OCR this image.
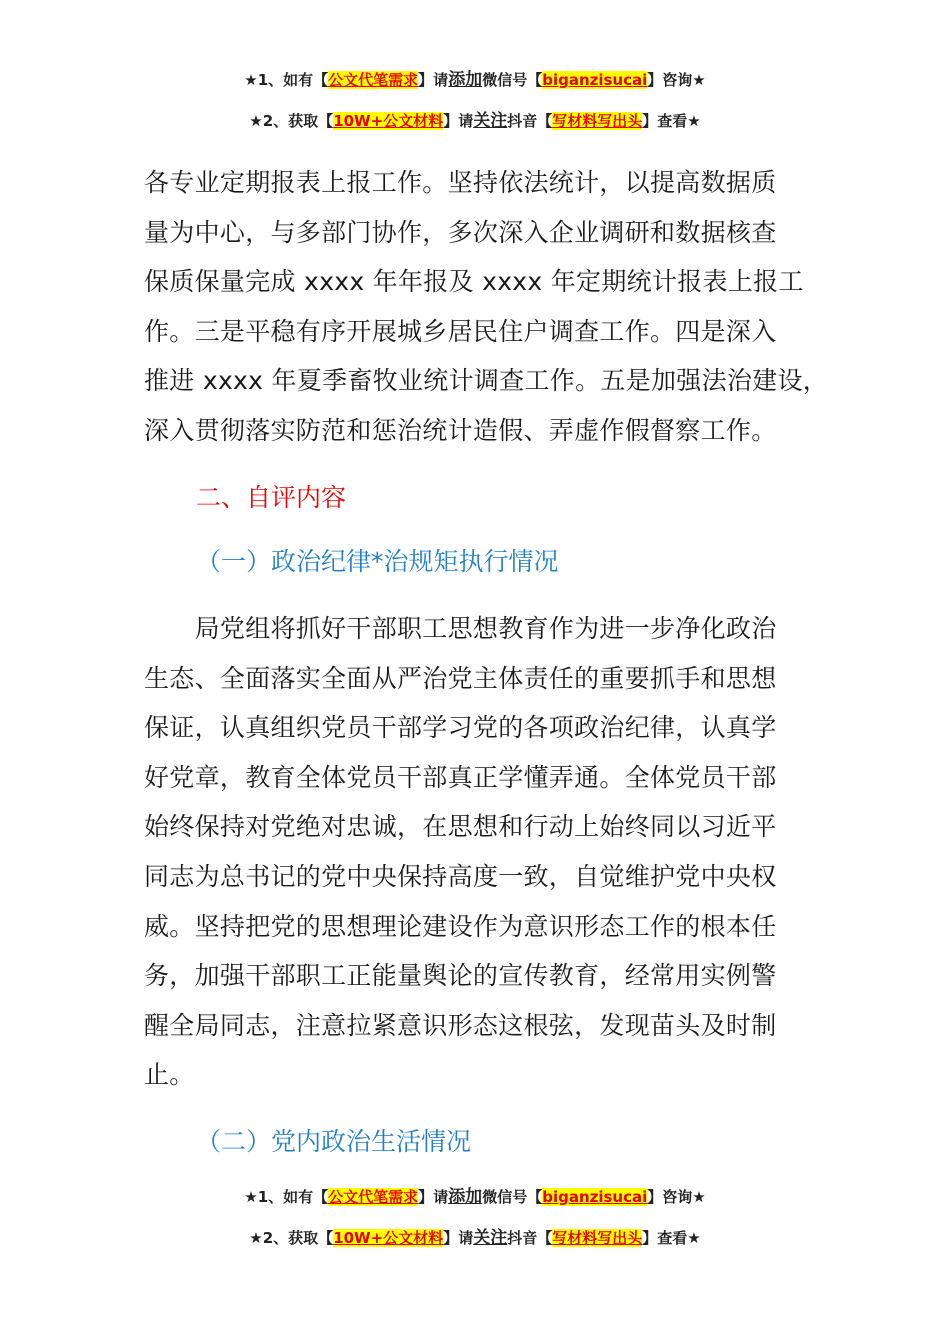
★1、如有【公文代笔需求】请添加微信号【biganzisucai】咨询★
★2、获取【10W+公文材料】请关注抖音【写材料写出头】查看★
各专业定期报表上报工作。坚持依法统计，以提高数据质
量为中心，与多部门协作，多次深入企业调研和数据核查
保质保量完成 xxxx 年年报及 xxxx 年定期统计报表上报工
作。三是平稳有序开展城乡居民住户调查工作。四是深入
推进 xxxx 年夏季畜牧业统计调查工作。五是加强法治建设，
深入贯彻落实防范和惩治统计造假、弄虚作假督察工作。
二、自评内容
（一）政治纪律*治规矩执行情况
　　局党组将抓好干部职工思想教育作为进一步净化政治
生态、全面落实全面从严治党主体责任的重要抓手和思想
保证，认真组织党员干部学习党的各项政治纪律，认真学
好党章，教育全体党员干部真正学懂弄通。全体党员干部
始终保持对党绝对忠诚，在思想和行动上始终同以习近平
同志为总书记的党中央保持高度一致，自觉维护党中央权
威。坚持把党的思想理论建设作为意识形态工作的根本任
务，加强干部职工正能量舆论的宣传教育，经常用实例警
醒全局同志，注意拉紧意识形态这根弦，发现苗头及时制
止。
（二）党内政治生活情况
★1、如有【公文代笔需求】请添加微信号【biganzisucai】咨询★
★2、获取【10W+公文材料】请关注抖音【写材料写出头】查看★
